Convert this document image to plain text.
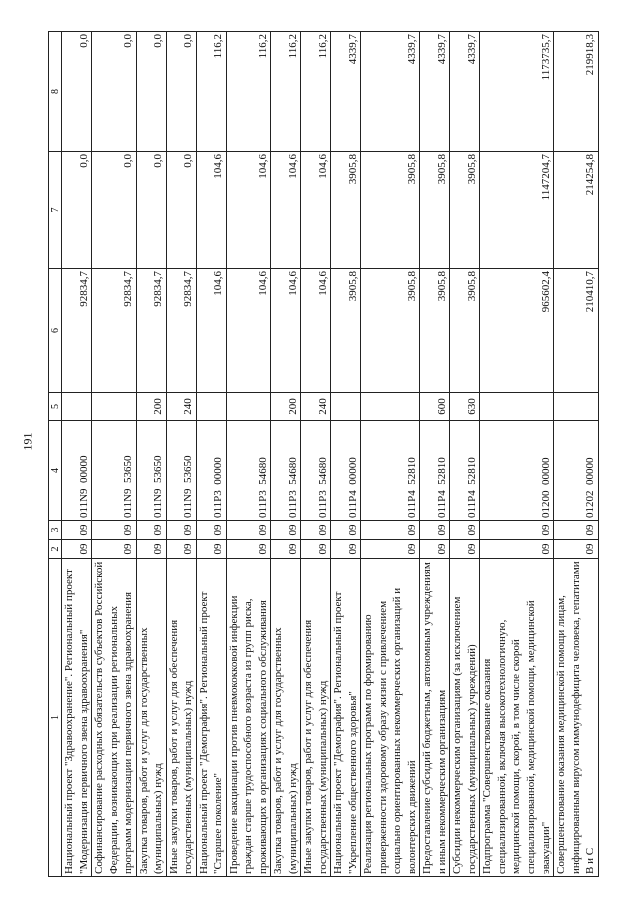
191
1	2	3	4	5	6	7	8
Национальный проект "Здравоохранение". Региональный проект "Модернизация первичного звена здравоохранения"	09	09	011N9  00000		92834,7	0,0	0,0
Софинансирование расходных обязательств субъектов Российской Федерации, возникающих при реализации региональных программ модернизации первичного звена здравоохранения	09	09	011N9  53650		92834,7	0,0	0,0
Закупка товаров, работ и услуг для государственных (муниципальных) нужд	09	09	011N9  53650	200	92834,7	0,0	0,0
Иные закупки товаров, работ и услуг для обеспечения государственных (муниципальных) нужд	09	09	011N9  53650	240	92834,7	0,0	0,0
Национальный проект "Демография". Региональный проект "Старшее поколение"	09	09	011P3  00000		104,6	104,6	116,2
Проведение вакцинации против пневмококковой инфекции граждан старше трудоспособного возраста из групп риска, проживающих в организациях социального обслуживания	09	09	011P3  54680		104,6	104,6	116,2
Закупка товаров, работ и услуг для государственных (муниципальных) нужд	09	09	011P3  54680	200	104,6	104,6	116,2
Иные закупки товаров, работ и услуг для обеспечения государственных (муниципальных) нужд	09	09	011P3  54680	240	104,6	104,6	116,2
Национальный проект "Демография". Региональный проект "Укрепление общественного здоровья"	09	09	011P4  00000		3905,8	3905,8	4339,7
Реализация региональных программ по формированию приверженности здоровому образу жизни с привлечением социально ориентированных некоммерческих организаций и волонтерских движений	09	09	011P4  52810		3905,8	3905,8	4339,7
Предоставление субсидий бюджетным, автономным учреждениям и иным некоммерческим организациям	09	09	011P4  52810	600	3905,8	3905,8	4339,7
Субсидии некоммерческим организациям (за исключением государственных (муниципальных) учреждений)	09	09	011P4  52810	630	3905,8	3905,8	4339,7
Подпрограмма "Совершенствование оказания специализированной, включая высокотехнологичную, медицинской помощи, скорой, в том числе скорой специализированной, медицинской помощи, медицинской эвакуации"	09	09	01200  00000		965602,4	1147204,7	1173735,7
Совершенствование оказания медицинской помощи лицам, инфицированным вирусом иммунодефицита человека, гепатитами B и C	09	09	01202  00000		210410,7	214254,8	219918,3
